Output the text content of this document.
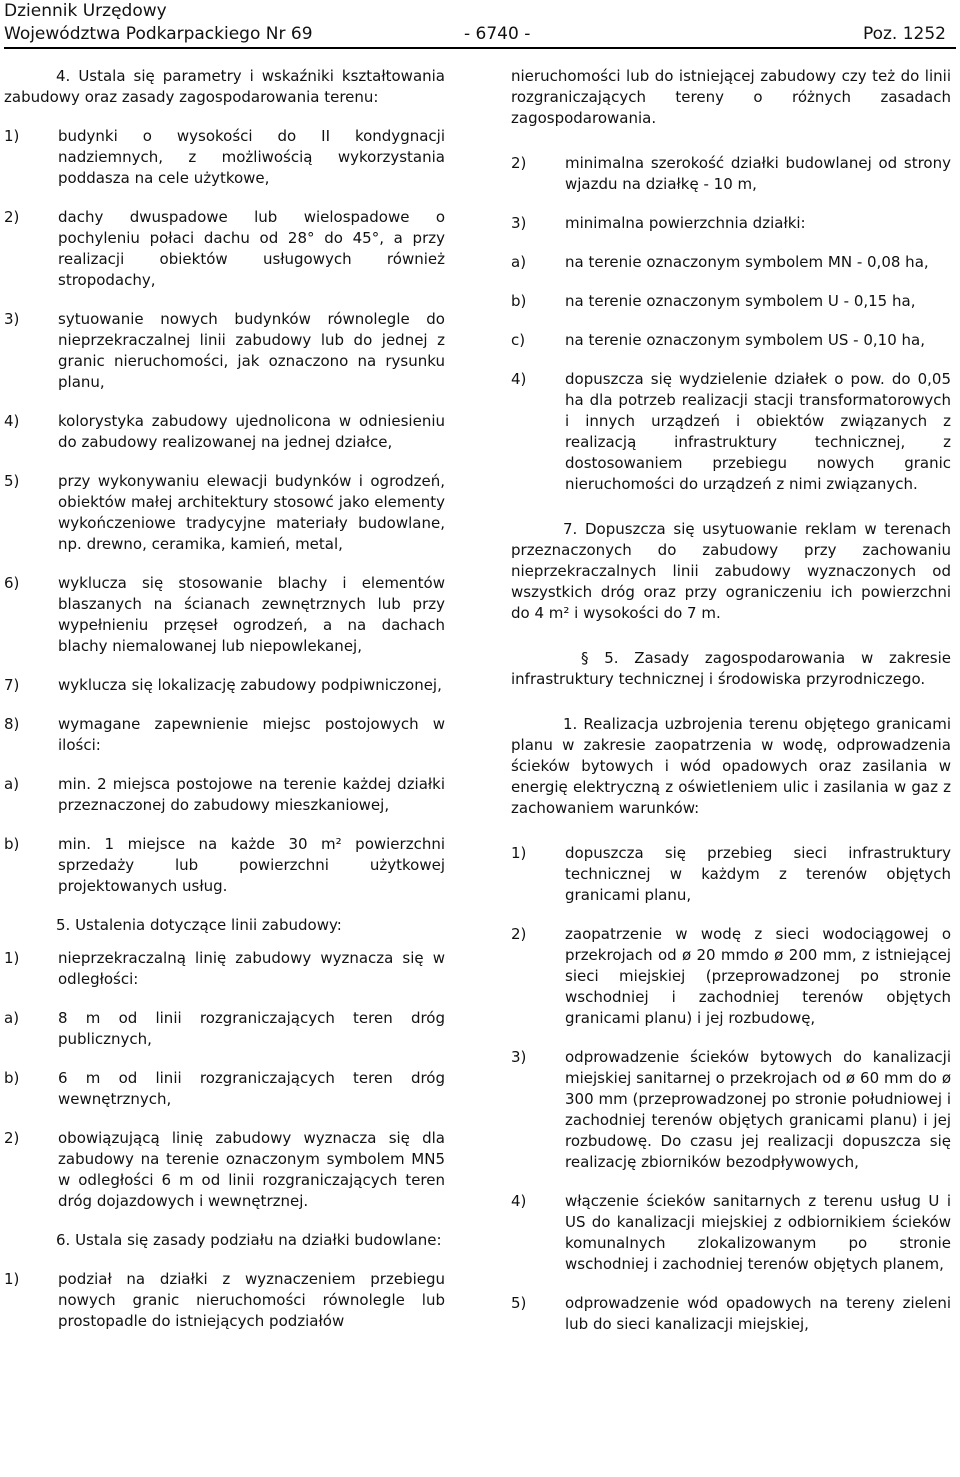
Dziennik Urzędowy
Województwa Podkarpackiego Nr 69	- 6740 -	Poz. 1252

4. Ustala się parametry i wskaźniki kształtowania zabudowy oraz zasady zagospodarowania terenu:

1)	budynki o wysokości do II kondygnacji nadziemnych, z możliwością wykorzystania poddasza na cele użytkowe,
2)	dachy dwuspadowe lub wielospadowe o pochyleniu połaci dachu od 28° do 45°, a przy realizacji obiektów usługowych również stropodachy,
3)	sytuowanie nowych budynków równolegle do nieprzekraczalnej linii zabudowy lub do jednej z granic nieruchomości, jak oznaczono na rysunku planu,
4)	kolorystyka zabudowy ujednolicona w odniesieniu do zabudowy realizowanej na jednej działce,
5)	przy wykonywaniu elewacji budynków i ogrodzeń, obiektów małej architektury stosowć jako elementy wykończeniowe tradycyjne materiały budowlane, np. drewno, ceramika, kamień, metal,
6)	wyklucza się stosowanie blachy i elementów blaszanych na ścianach zewnętrznych lub przy wypełnieniu przęseł ogrodzeń, a na dachach blachy niemalowanej lub niepowlekanej,
7)	wyklucza się lokalizację zabudowy podpiwniczonej,
8)	wymagane zapewnienie miejsc postojowych w ilości:
a)	min. 2 miejsca postojowe na terenie każdej działki przeznaczonej do zabudowy mieszkaniowej,
b)	min. 1 miejsce na każde 30 m² powierzchni sprzedaży lub powierzchni użytkowej projektowanych usług.

5. Ustalenia dotyczące linii zabudowy:

1)	nieprzekraczalną linię zabudowy wyznacza się w odległości:
a)	8 m od linii rozgraniczających teren dróg publicznych,
b)	6 m od linii rozgraniczających teren dróg wewnętrznych,
2)	obowiązującą linię zabudowy wyznacza się dla zabudowy na terenie oznaczonym symbolem MN5 w odległości 6 m od linii rozgraniczających teren dróg dojazdowych i wewnętrznej.

6. Ustala się zasady podziału na działki budowlane:

1)	podział na działki z wyznaczeniem przebiegu nowych granic nieruchomości równolegle lub prostopadle do istniejących podziałów

nieruchomości lub do istniejącej zabudowy czy też do linii rozgraniczających tereny o różnych zasadach zagospodarowania.

2)	minimalna szerokość działki budowlanej od strony wjazdu na działkę - 10 m,
3)	minimalna powierzchnia działki:
a)	na terenie oznaczonym symbolem MN - 0,08 ha,
b)	na terenie oznaczonym symbolem U - 0,15 ha,
c)	na terenie oznaczonym symbolem US - 0,10 ha,
4)	dopuszcza się wydzielenie działek o pow. do 0,05 ha dla potrzeb realizacji stacji transformatorowych i innych urządzeń i obiektów związanych z realizacją infrastruktury technicznej, z dostosowaniem przebiegu nowych granic nieruchomości do urządzeń z nimi związanych.

7. Dopuszcza się usytuowanie reklam w terenach przeznaczonych do zabudowy przy zachowaniu nieprzekraczalnych linii zabudowy wyznaczonych od wszystkich dróg oraz przy ograniczeniu ich powierzchni do 4 m² i wysokości do 7 m.

§ 5. Zasady zagospodarowania w zakresie infrastruktury technicznej i środowiska przyrodniczego.

1. Realizacja uzbrojenia terenu objętego granicami planu w zakresie zaopatrzenia w wodę, odprowadzenia ścieków bytowych i wód opadowych oraz zasilania w energię elektryczną z oświetleniem ulic i zasilania w gaz z zachowaniem warunków:

1)	dopuszcza się przebieg sieci infrastruktury technicznej w każdym z terenów objętych granicami planu,
2)	zaopatrzenie w wodę z sieci wodociągowej o przekrojach od ø 20 mmdo ø 200 mm, z istniejącej sieci miejskiej (przeprowadzonej po stronie wschodniej i zachodniej terenów objętych granicami planu) i jej rozbudowę,
3)	odprowadzenie ścieków bytowych do kanalizacji miejskiej sanitarnej o przekrojach od ø 60 mm do ø 300 mm (przeprowadzonej po stronie południowej i zachodniej terenów objętych granicami planu) i jej rozbudowę. Do czasu jej realizacji dopuszcza się realizację zbiorników bezodpływowych,
4)	włączenie ścieków sanitarnych z terenu usług U i US do kanalizacji miejskiej z odbiornikiem ścieków komunalnych zlokalizowanym po stronie wschodniej i zachodniej terenów objętych planem,
5)	odprowadzenie wód opadowych na tereny zieleni lub do sieci kanalizacji miejskiej,
